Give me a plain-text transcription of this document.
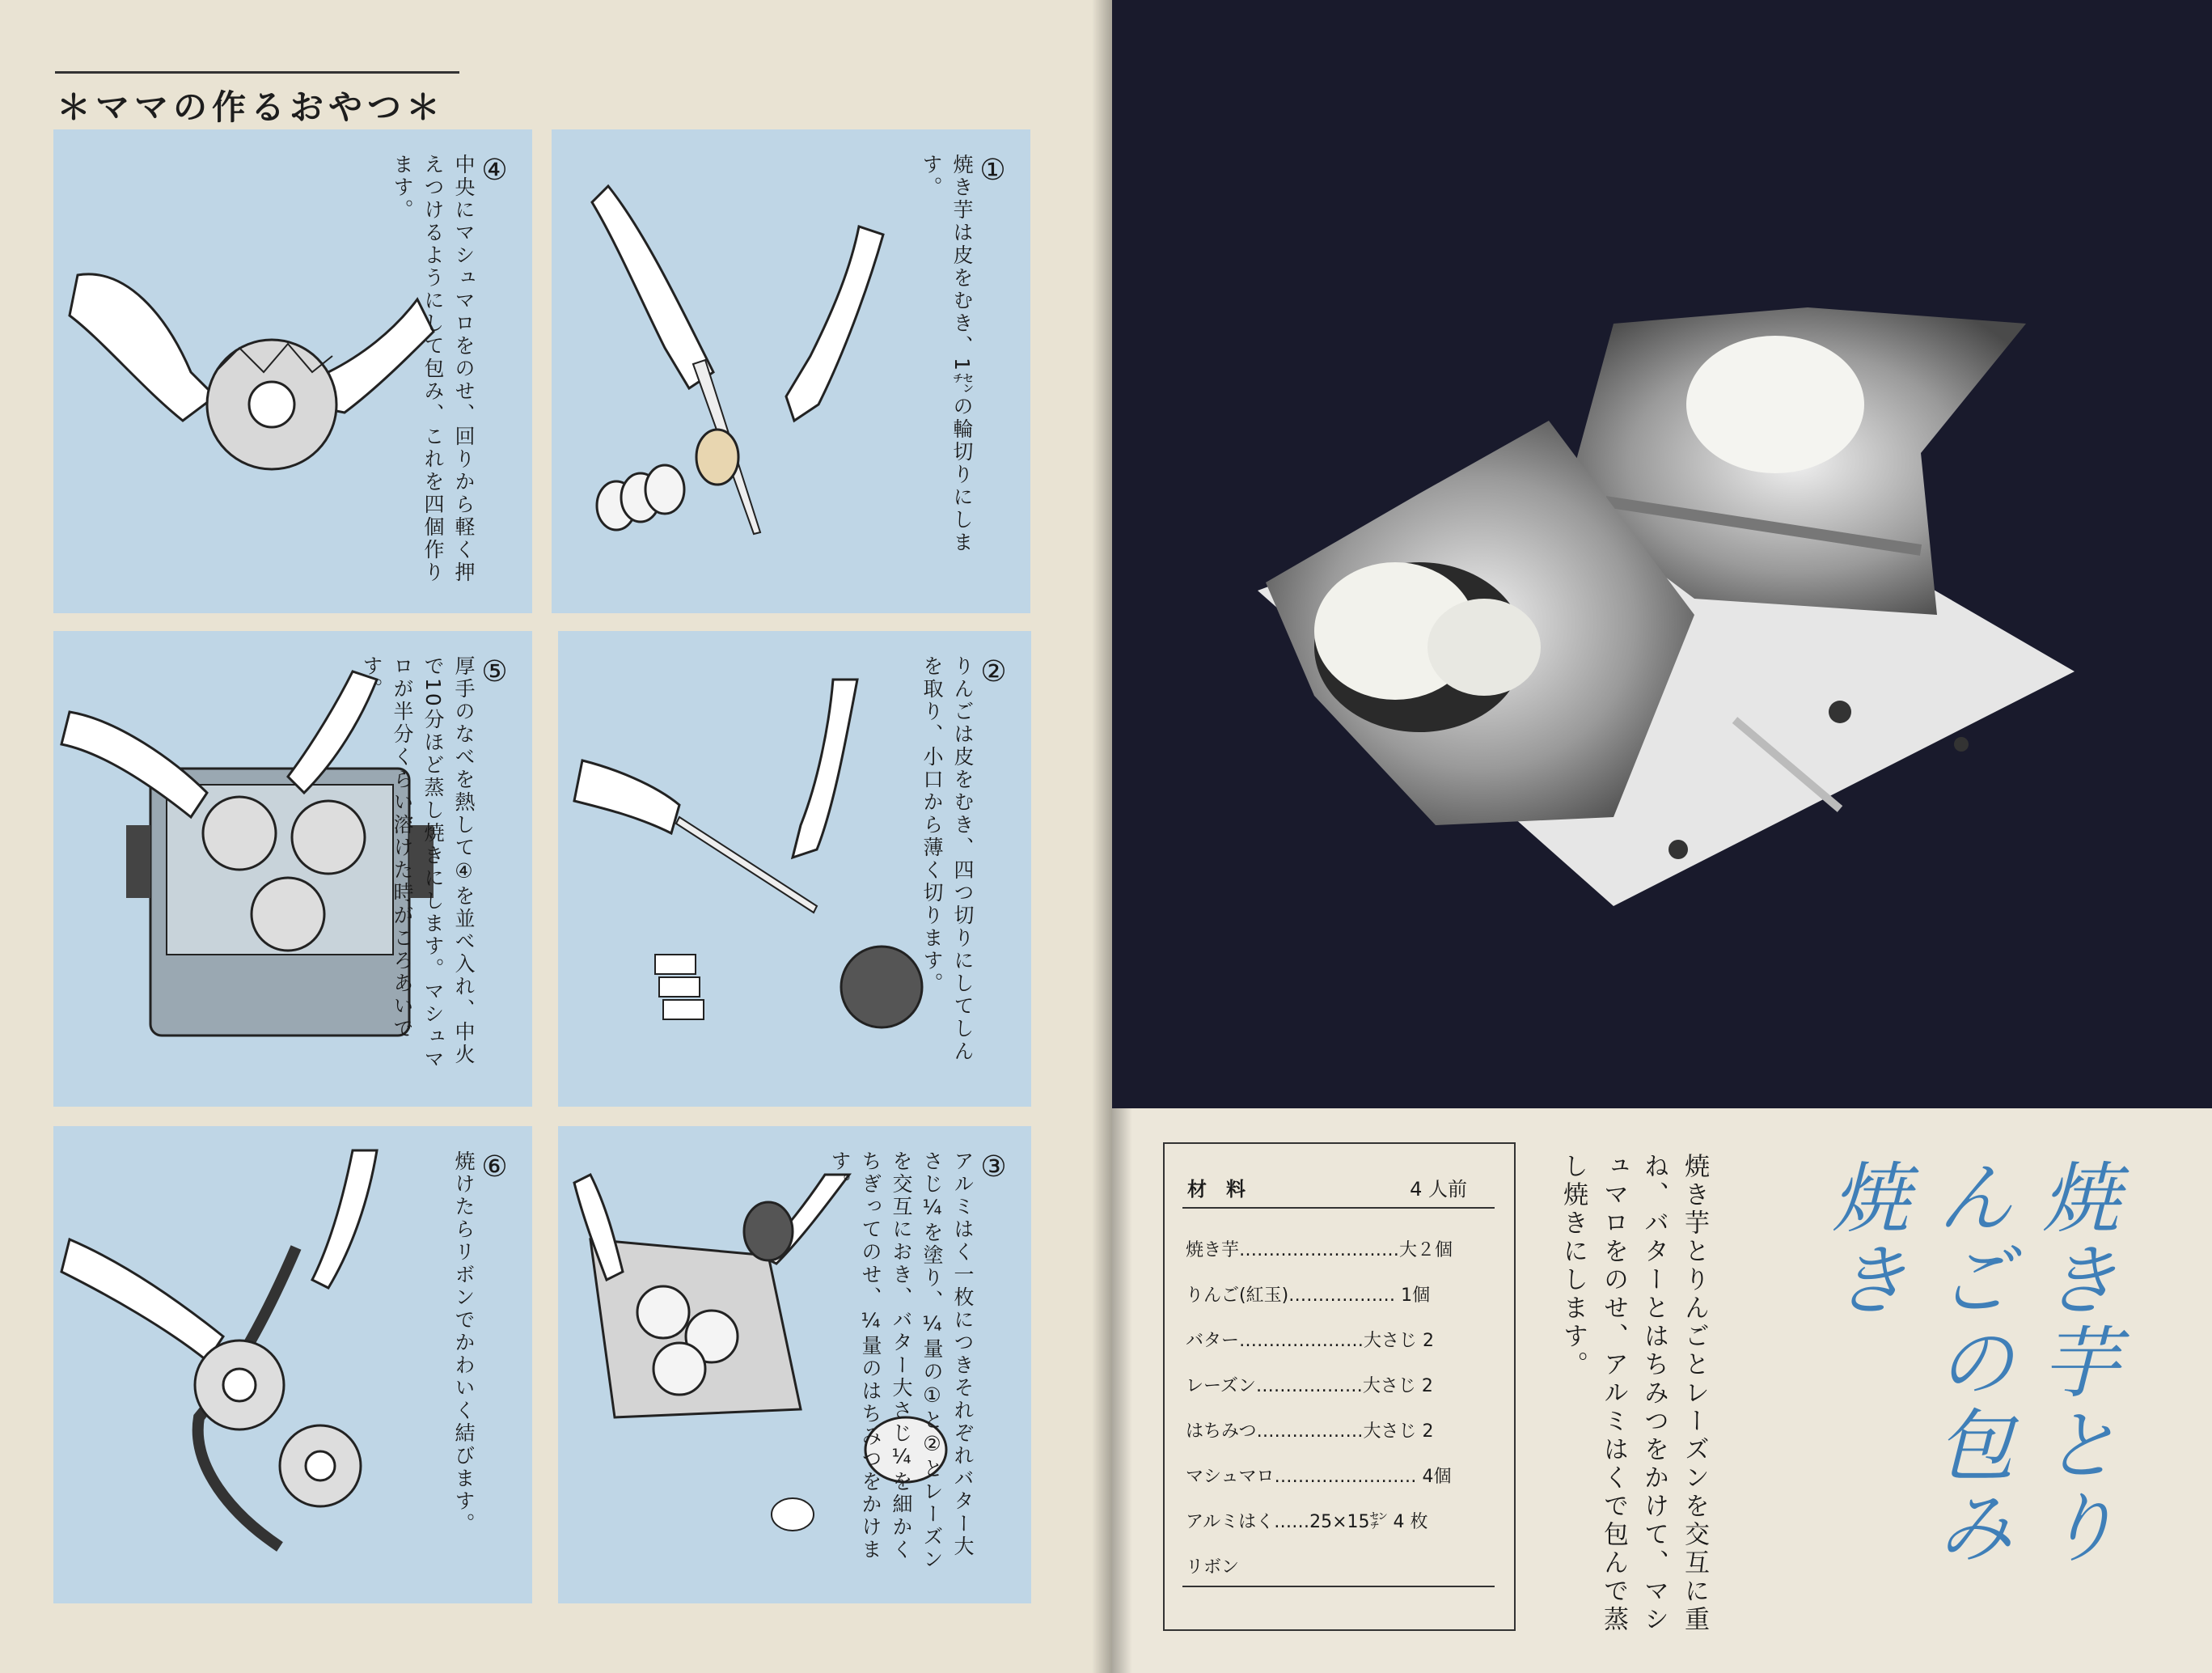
＊ママの作るおやつ＊
④
中央にマシュマロをのせ、回りから軽く押えつけるようにして包み、これを四個作ります。	①
焼き芋は皮をむき、1㌢の輪切りにします。
⑤
厚手のなべを熱して④を並べ入れ、中火で10分ほど蒸し焼きにします。マシュマロが半分くらい溶けた時がころあいです。	②
りんごは皮をむき、四つ切りにしてしんを取り、小口から薄く切ります。
⑥
焼けたらリボンでかわいく結びます。	③
アルミはく一枚につきそれぞれバター大さじ¼を塗り、¼量の①と②とレーズンを交互におき、バター大さじ¼を細かくちぎってのせ、¼量のはちみつをかけます。	材　料	4 人前
焼き芋………………………大２個
りんご(紅玉)……………… 1個
バター…………………大さじ 2
レーズン………………大さじ 2
はちみつ………………大さじ 2
マシュマロ…………………… 4個
アルミはく……25×15㌢ 4 枚
リボン	焼き芋とりんごとレーズンを交互に重ね、バターとはちみつをかけて、マシュマロをのせ、アルミはくで包んで蒸し焼きにします。	焼き芋とりんごの包み焼き
